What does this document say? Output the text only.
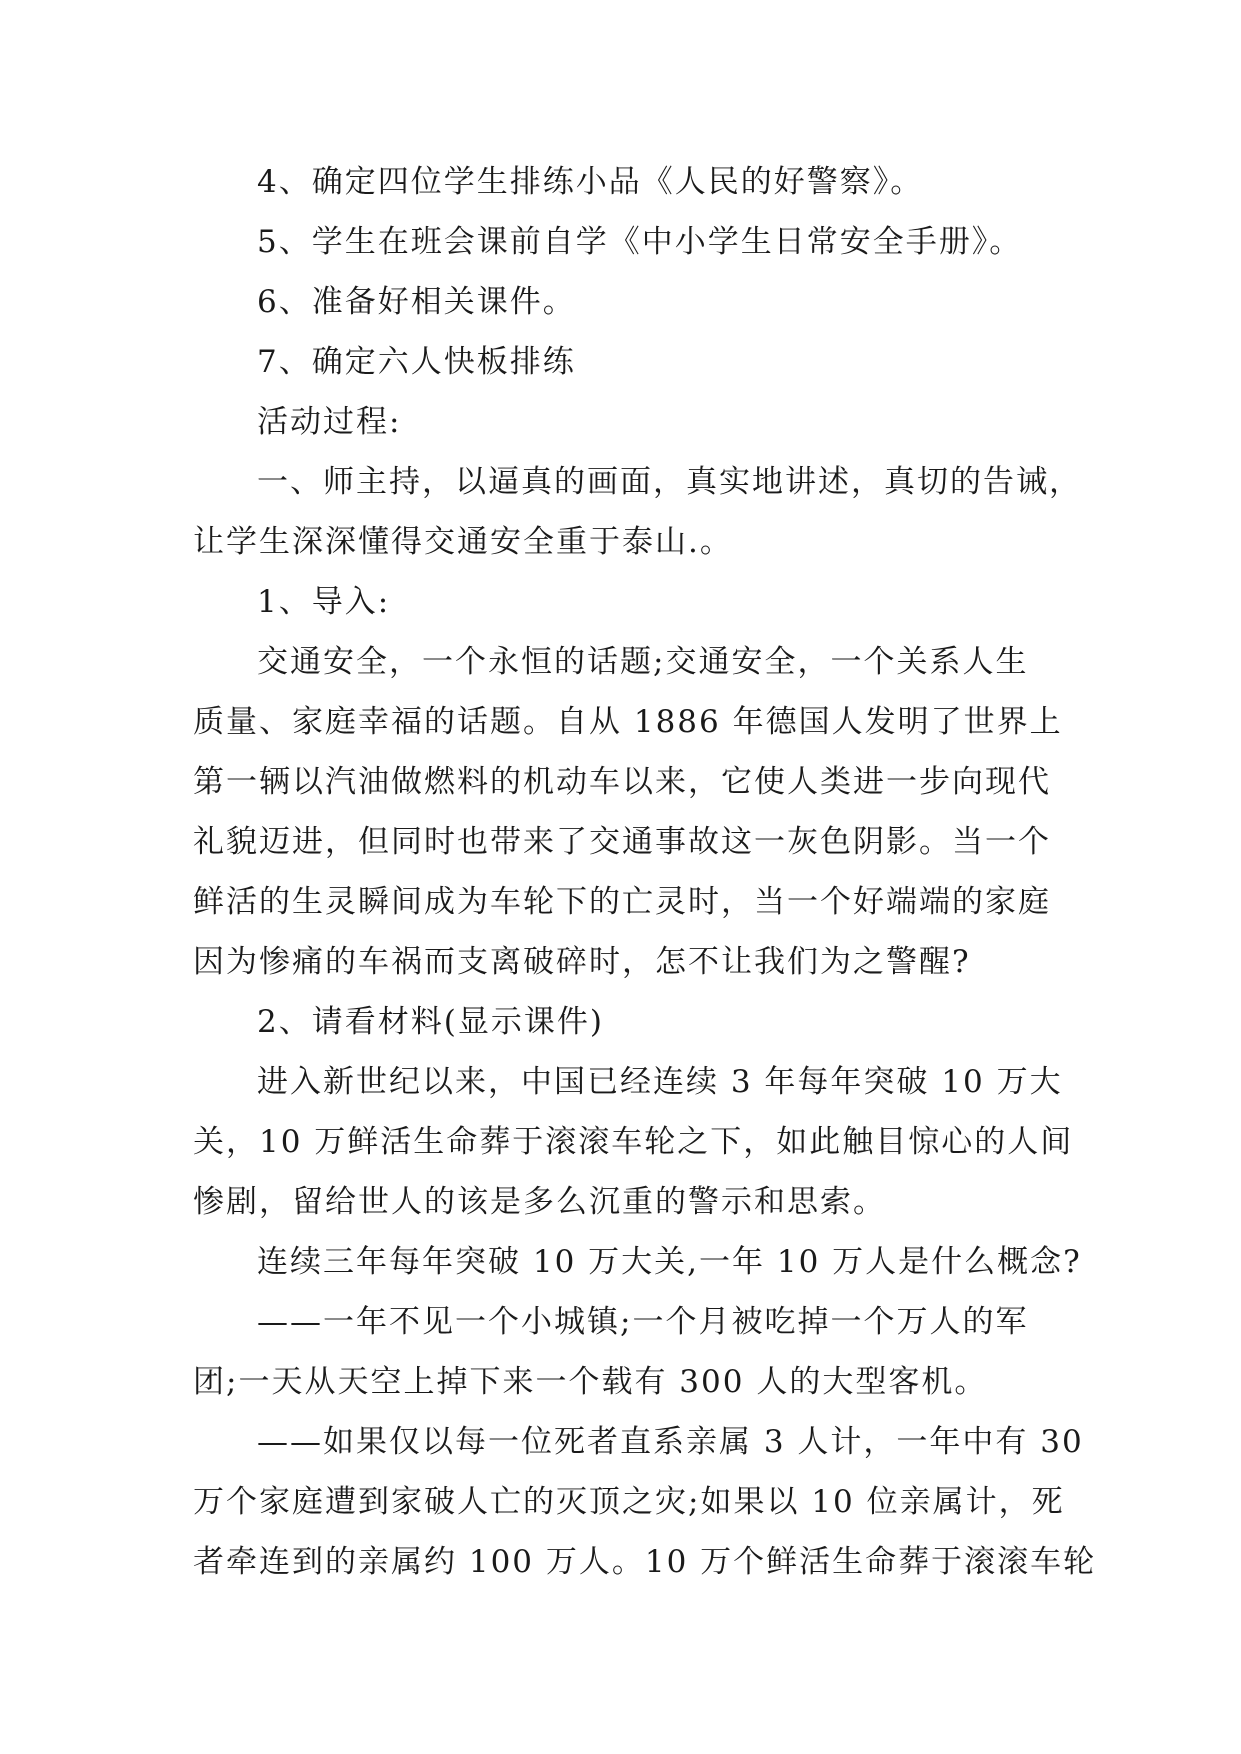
4、确定四位学生排练小品《人民的好警察》。
5、学生在班会课前自学《中小学生日常安全手册》。
6、准备好相关课件。
7、确定六人快板排练
活动过程:
一、师主持，以逼真的画面，真实地讲述，真切的告诫，
让学生深深懂得交通安全重于泰山.。
1、导入:
交通安全，一个永恒的话题;交通安全，一个关系人生
质量、家庭幸福的话题。自从 1886 年德国人发明了世界上
第一辆以汽油做燃料的机动车以来，它使人类进一步向现代
礼貌迈进，但同时也带来了交通事故这一灰色阴影。当一个
鲜活的生灵瞬间成为车轮下的亡灵时，当一个好端端的家庭
因为惨痛的车祸而支离破碎时，怎不让我们为之警醒?
2、请看材料(显示课件)
进入新世纪以来，中国已经连续 3 年每年突破 10 万大
关，10 万鲜活生命葬于滚滚车轮之下，如此触目惊心的人间
惨剧，留给世人的该是多么沉重的警示和思索。
连续三年每年突破 10 万大关,一年 10 万人是什么概念?
——一年不见一个小城镇;一个月被吃掉一个万人的军
团;一天从天空上掉下来一个载有 300 人的大型客机。
——如果仅以每一位死者直系亲属 3 人计，一年中有 30
万个家庭遭到家破人亡的灭顶之灾;如果以 10 位亲属计，死
者牵连到的亲属约 100 万人。10 万个鲜活生命葬于滚滚车轮
